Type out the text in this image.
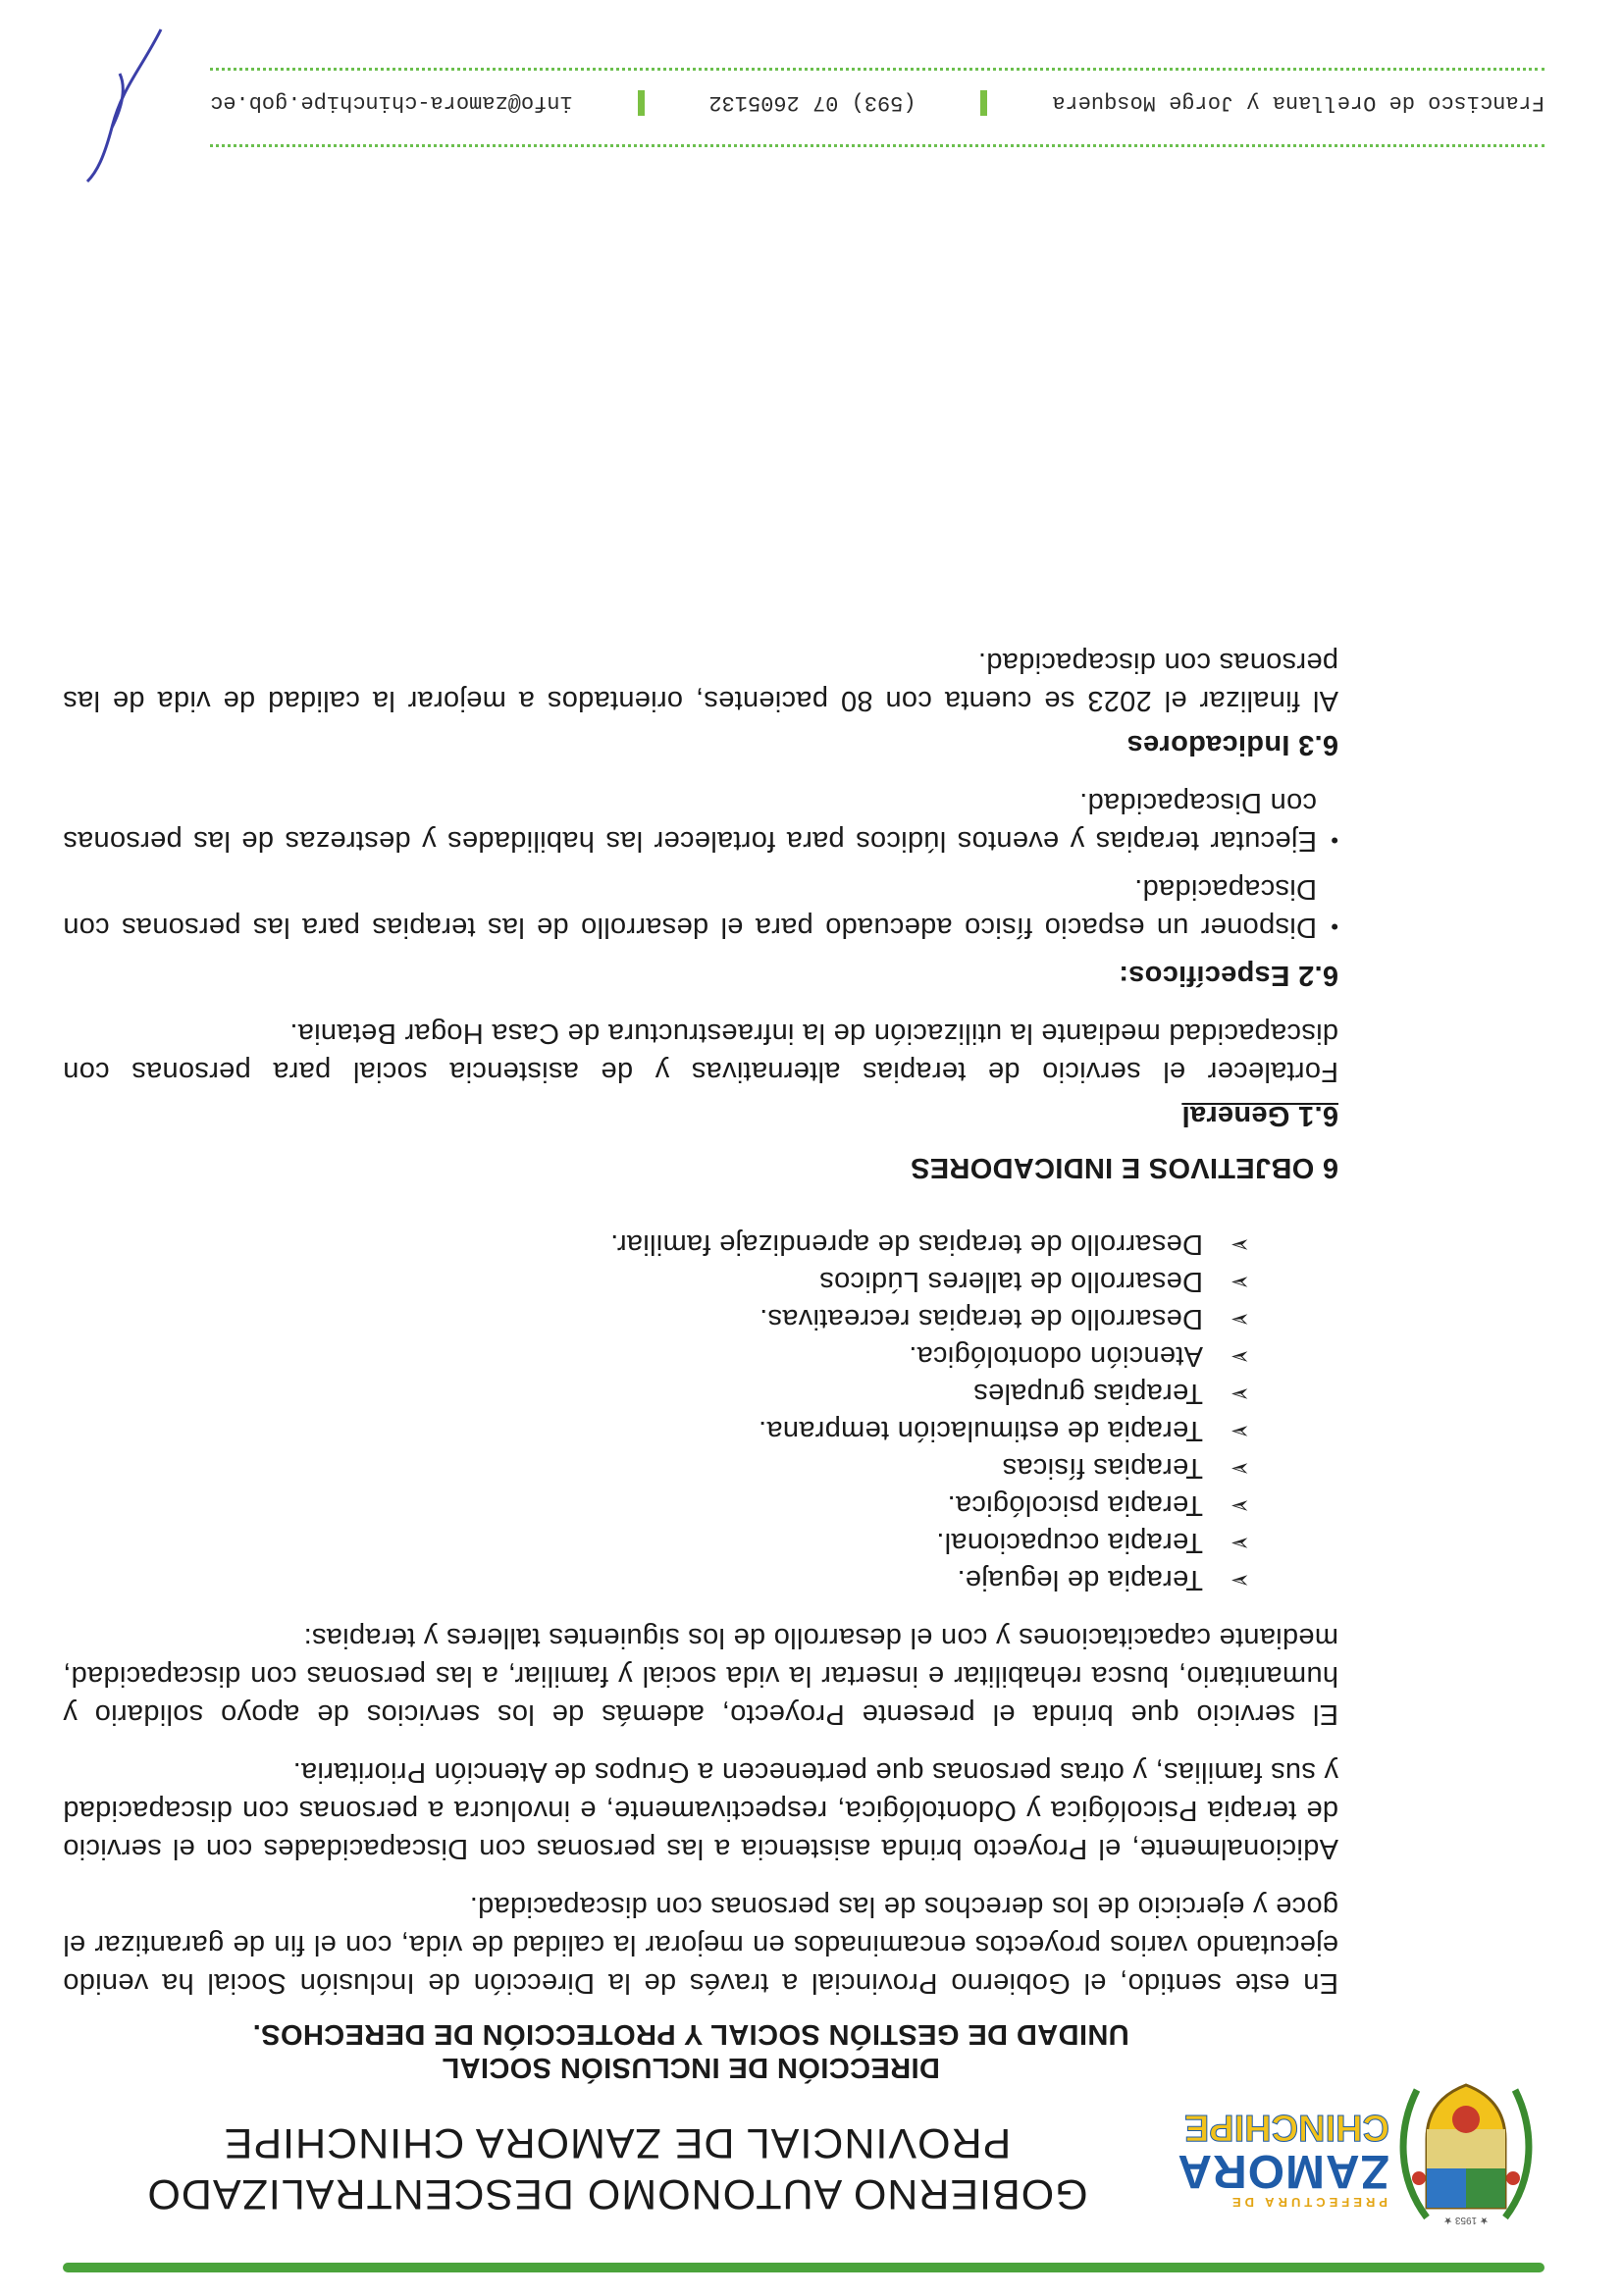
★ 1953 ★
PREFECTURA DE
ZAMORA
CHINCHIPE
GOBIERNO AUTONOMO DESCENTRALIZADO
PROVINCIAL DE ZAMORA CHINCHIPE
DIRECCIÓN DE INCLUSIÓN SOCIAL
UNIDAD DE GESTIÓN SOCIAL Y PROTECCIÓN DE DERECHOS.

En este sentido, el Gobierno Provincial a través de la Dirección de Inclusión Social ha venido ejecutando varios proyectos encaminados en mejorar la calidad de vida, con el fin de garantizar el goce y ejercicio de los derechos de las personas con discapacidad.

Adicionalmente, el Proyecto brinda asistencia a las personas con Discapacidades con el servicio de terapia Psicológica y Odontológica, respectivamente, e involucra a personas con discapacidad y sus familias, y otras personas que pertenecen a Grupos de Atención Prioritaria.

El servicio que brinda el presente Proyecto, además de los servicios de apoyo solidario y humanitario, busca rehabilitar e insertar la vida social y familiar, a las personas con discapacidad, mediante capacitaciones y con el desarrollo de los siguientes talleres y terapias:

➢
Terapia de leguaje.
➢
Terapia ocupacional.
➢
Terapia psicológica.
➢
Terapias físicas
➢
Terapia de estimulación temprana.
➢
Terapias grupales
➢
Atención odontológica.
➢
Desarrollo de terapias recreativas.
➢
Desarrollo de talleres Lúdicos
➢
Desarrollo de terapias de aprendizaje familiar.
6 OBJETIVOS E INDICADORES
6.1 General

Fortalecer el servicio de terapias alternativas y de asistencia social para personas con discapacidad mediante la utilización de la infraestructura de Casa Hogar Betania.

6.2 Específicos:
•
Disponer un espacio físico adecuado para el desarrollo de las terapias para las personas con Discapacidad.
•
Ejecutar terapias y eventos lúdicos para fortalecer las habilidades y destrezas de las personas con Discapacidad.
6.3 Indicadores

Al finalizar el 2023 se cuenta con 80 pacientes, orientados a mejorar la calidad de vida de las personas con discapacidad.

Francisco de Orellana y Jorge Mosquera
(593) 07 2605132
info@zamora-chinchipe.gob.ec
